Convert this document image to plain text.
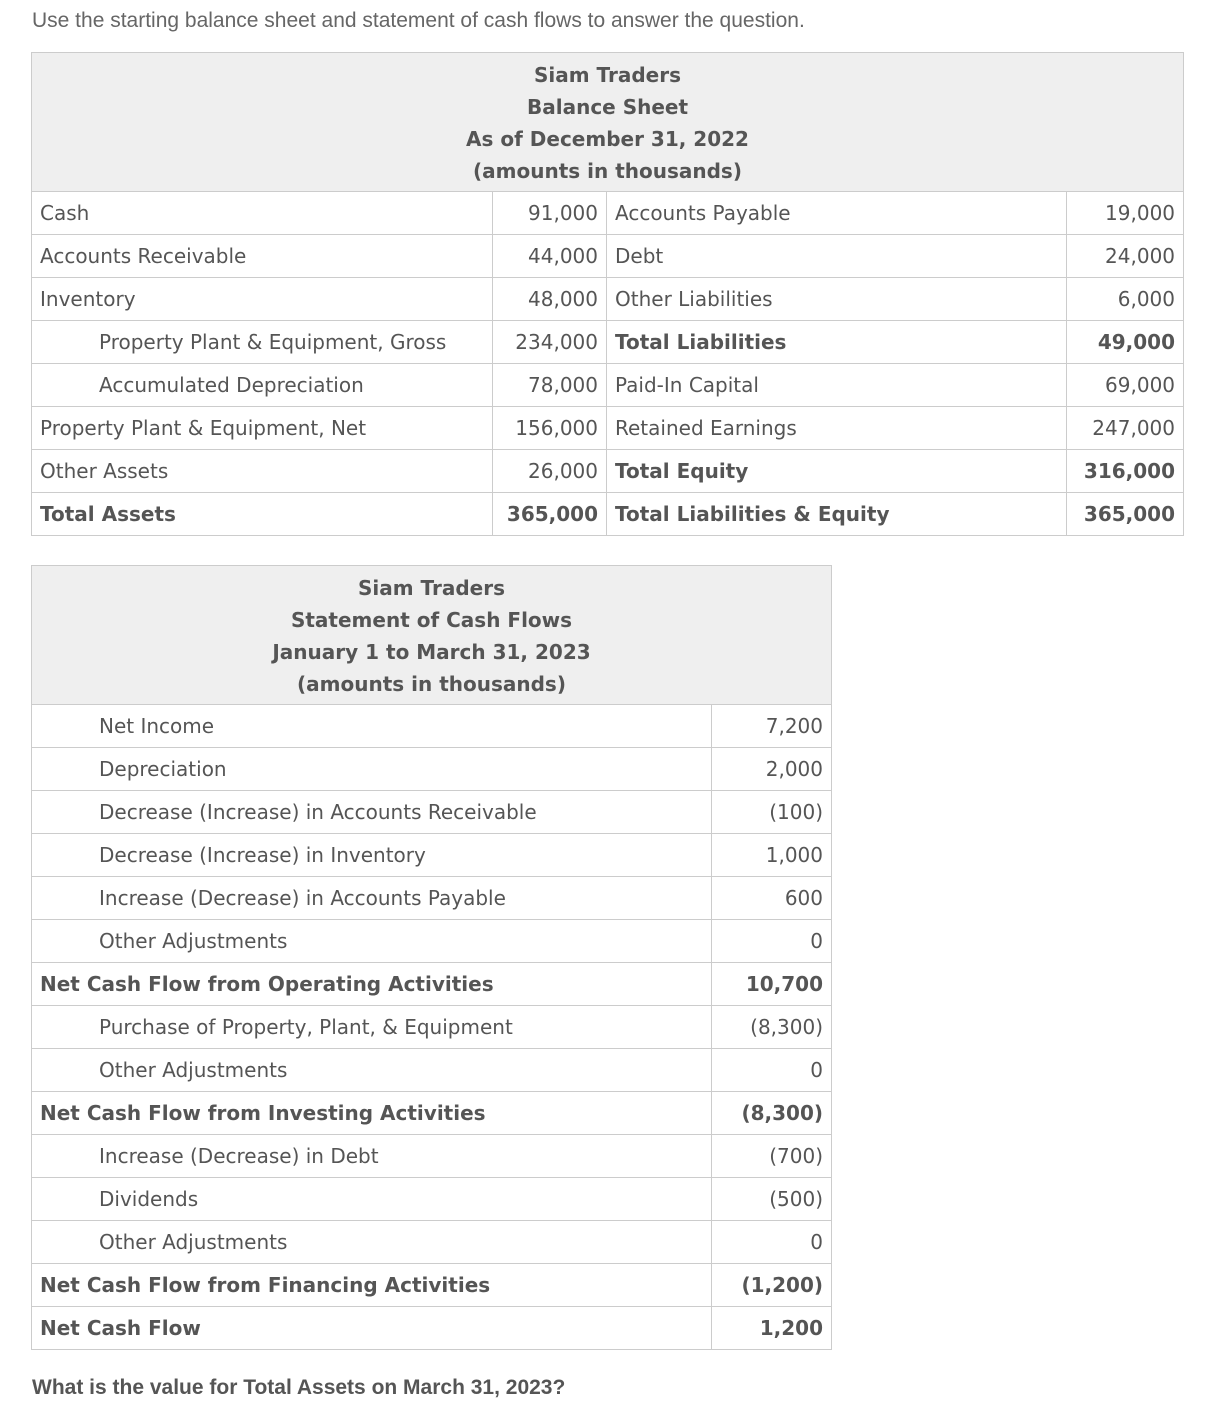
Use the starting balance sheet and statement of cash flows to answer the question.

Siam Traders
Balance Sheet
As of December 31, 2022
(amounts in thousands)			

Cash	91,000	Accounts Payable	19,000
Accounts Receivable	44,000	Debt	24,000
Inventory	48,000	Other Liabilities	6,000
Property Plant & Equipment, Gross	234,000	Total Liabilities	49,000
Accumulated Depreciation	78,000	Paid-In Capital	69,000
Property Plant & Equipment, Net	156,000	Retained Earnings	247,000
Other Assets	26,000	Total Equity	316,000
Total Assets	365,000	Total Liabilities & Equity	365,000
Siam Traders
Statement of Cash Flows
January 1 to March 31, 2023
(amounts in thousands)	

Net Income	7,200
Depreciation	2,000
Decrease (Increase) in Accounts Receivable	(100)
Decrease (Increase) in Inventory	1,000
Increase (Decrease) in Accounts Payable	600
Other Adjustments	0
Net Cash Flow from Operating Activities	10,700
Purchase of Property, Plant, & Equipment	(8,300)
Other Adjustments	0
Net Cash Flow from Investing Activities	(8,300)
Increase (Decrease) in Debt	(700)
Dividends	(500)
Other Adjustments	0
Net Cash Flow from Financing Activities	(1,200)
Net Cash Flow	1,200

What is the value for Total Assets on March 31, 2023?
